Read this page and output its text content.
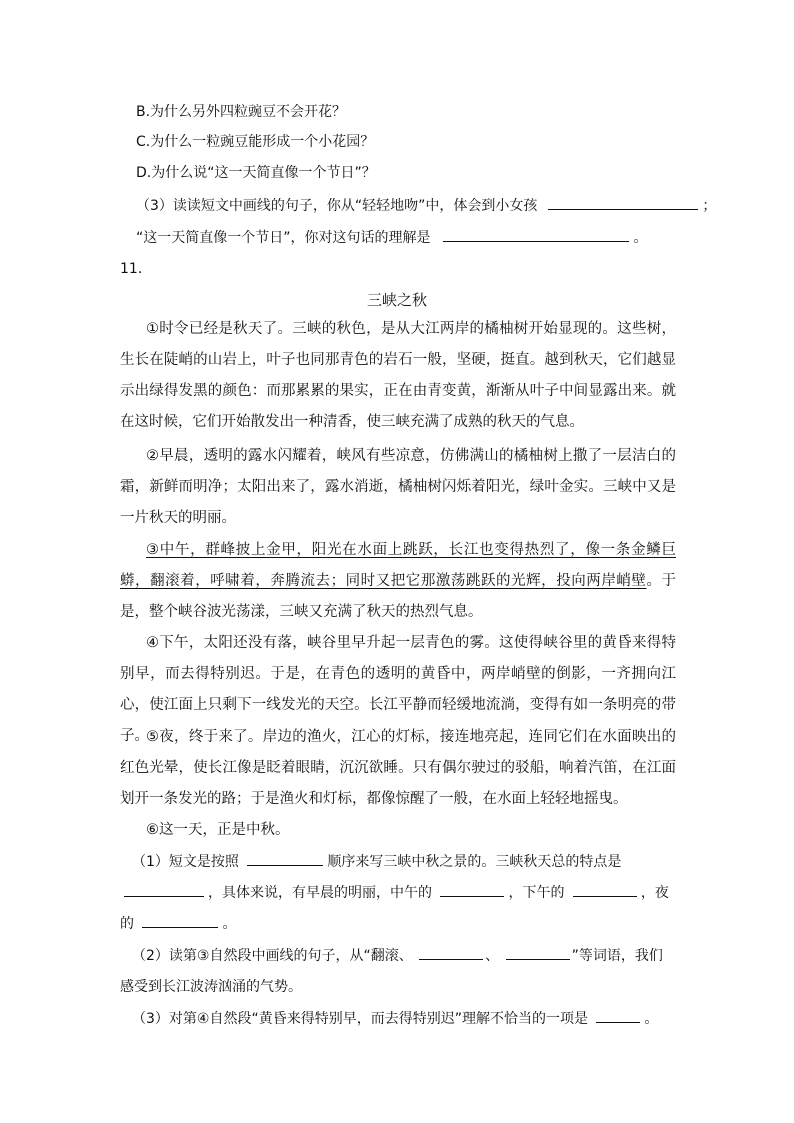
B.为什么另外四粒豌豆不会开花？
C.为什么一粒豌豆能形成一个小花园？
D.为什么说“这一天简直像一个节日”？
（3）读读短文中画线的句子，你从“轻轻地吻”中，体会到小女孩	；
“这一天简直像一个节日”，你对这句话的理解是	。
11．
三峡之秋
①时令已经是秋天了。三峡的秋色，是从大江两岸的橘柚树开始显现的。这些树，生长在陡峭的山岩上，叶子也同那青色的岩石一般，坚硬，挺直。越到秋天，它们越显示出绿得发黑的颜色：而那累累的果实，正在由青变黄，渐渐从叶子中间显露出来。就在这时候，它们开始散发出一种清香，使三峡充满了成熟的秋天的气息。
②早晨，透明的露水闪耀着，峡风有些凉意，仿佛满山的橘柚树上撒了一层洁白的霜，新鲜而明净；太阳出来了，露水消逝，橘柚树闪烁着阳光，绿叶金实。三峡中又是一片秋天的明丽。
③中午，群峰披上金甲，阳光在水面上跳跃，长江也变得热烈了，像一条金鳞巨蟒，翻滚着，呼啸着，奔腾流去；同时又把它那激荡跳跃的光辉，投向两岸峭壁。于是，整个峡谷波光荡漾，三峡又充满了秋天的热烈气息。
④下午，太阳还没有落，峡谷里早升起一层青色的雾。这使得峡谷里的黄昏来得特别早，而去得特别迟。于是，在青色的透明的黄昏中，两岸峭壁的倒影，一齐拥向江心，使江面上只剩下一线发光的天空。长江平静而轻缓地流淌，变得有如一条明亮的带子。
⑤夜，终于来了。岸边的渔火，江心的灯标，接连地亮起，连同它们在水面映出的红色光晕，使长江像是眨着眼睛，沉沉欲睡。只有偶尔驶过的驳船，响着汽笛，在江面划开一条发光的路；于是渔火和灯标，都像惊醒了一般，在水面上轻轻地摇曳。
⑥这一天，正是中秋。
（1）短文是按照	顺序来写三峡中秋之景的。三峡秋天总的特点是 ，具体来说，有早晨的明丽，中午的	，下午的	，夜的	。
（2）读第③自然段中画线的句子，从“翻滚、	、	”等词语，我们感受到长江波涛汹涌的气势。
（3）对第④自然段“黄昏来得特别早，而去得特别迟”理解不恰当的一项是	。
